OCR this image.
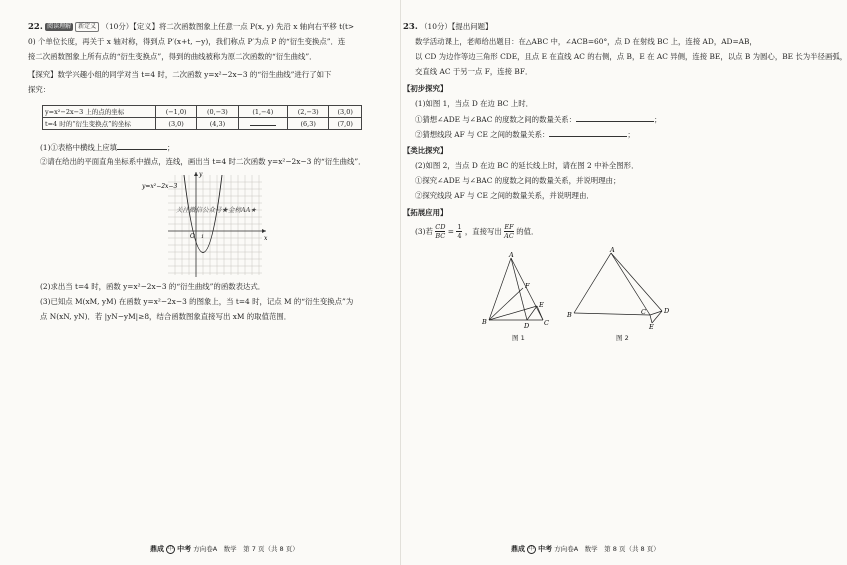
22. 阅读理解 新定义 （10分）【定义】将二次函数图象上任意一点 P(x, y) 先沿 x 轴向右平移 t(t>
0) 个单位长度，再关于 x 轴对称，得到点 P′(x+t, −y)，我们称点 P′为点 P 的“衍生变换点”．连
接二次函数图象上所有点的“衍生变换点”，得到的曲线被称为原二次函数的“衍生曲线”．
【探究】数学兴趣小组的同学对当 t=4 时，二次函数 y=x²−2x−3 的“衍生曲线”进行了如下
探究：
y=x²−2x−3 上的点的坐标	(−1,0)	(0,−3)	(1,−4)	(2,−3)	(3,0)
t=4 时的“衍生变换点”的坐标	(3,0)	(4,3)		(6,3)	(7,0)
(1)①表格中横线上应填	；
②请在给出的平面直角坐标系中描点，连线，画出当 t=4 时二次函数 y=x²−2x−3 的“衍生曲线”．
y=x²−2x−3
y
x
O 1
关注微信公众号★金榜AA★
(2)求出当 t=4 时，函数 y=x²−2x−3 的“衍生曲线”的函数表达式．
(3)已知点 M(xM, yM) 在函数 y=x²−2x−3 的图象上，当 t=4 时，记点 M 的“衍生变换点”为
点 N(xN, yN)．若 |yN−yM|≥8，结合函数图象直接写出 xM 的取值范围．
鼎成 中 中考 方向卷A　数学　第 7 页（共 8 页）
23. （10分）【提出问题】
数学活动课上，老师给出题目：在△ABC 中，∠ACB=60°，点 D 在射线 BC 上，连接 AD，AD=AB，
以 CD 为边作等边三角形 CDE，且点 E 在直线 AC 的右侧，点 B，E 在 AC 异侧，连接 BE，以点 B 为圆心，BE 长为半径画弧，
交直线 AC 于另一点 F，连接 BF．
【初步探究】
(1)如图 1，当点 D 在边 BC 上时．
①猜想∠ADE 与∠BAC 的度数之间的数量关系：	；
②猜想线段 AF 与 CE 之间的数量关系：	；
【类比探究】
(2)如图 2，当点 D 在边 BC 的延长线上时，请在图 2 中补全图形．
①探究∠ADE 与∠BAC 的度数之间的数量关系，并说明理由；
②探究线段 AF 与 CE 之间的数量关系，并说明理由．
【拓展应用】
(3)若 $\frac{CD}{BC} = \frac{1}{4}$ ，直接写出 $\frac{EF}{AC}$ 的值．
A
B	C
D
E
F
图 1
A
B	C	D
E
图 2
鼎成 中 中考 方向卷A　数学　第 8 页（共 8 页）
